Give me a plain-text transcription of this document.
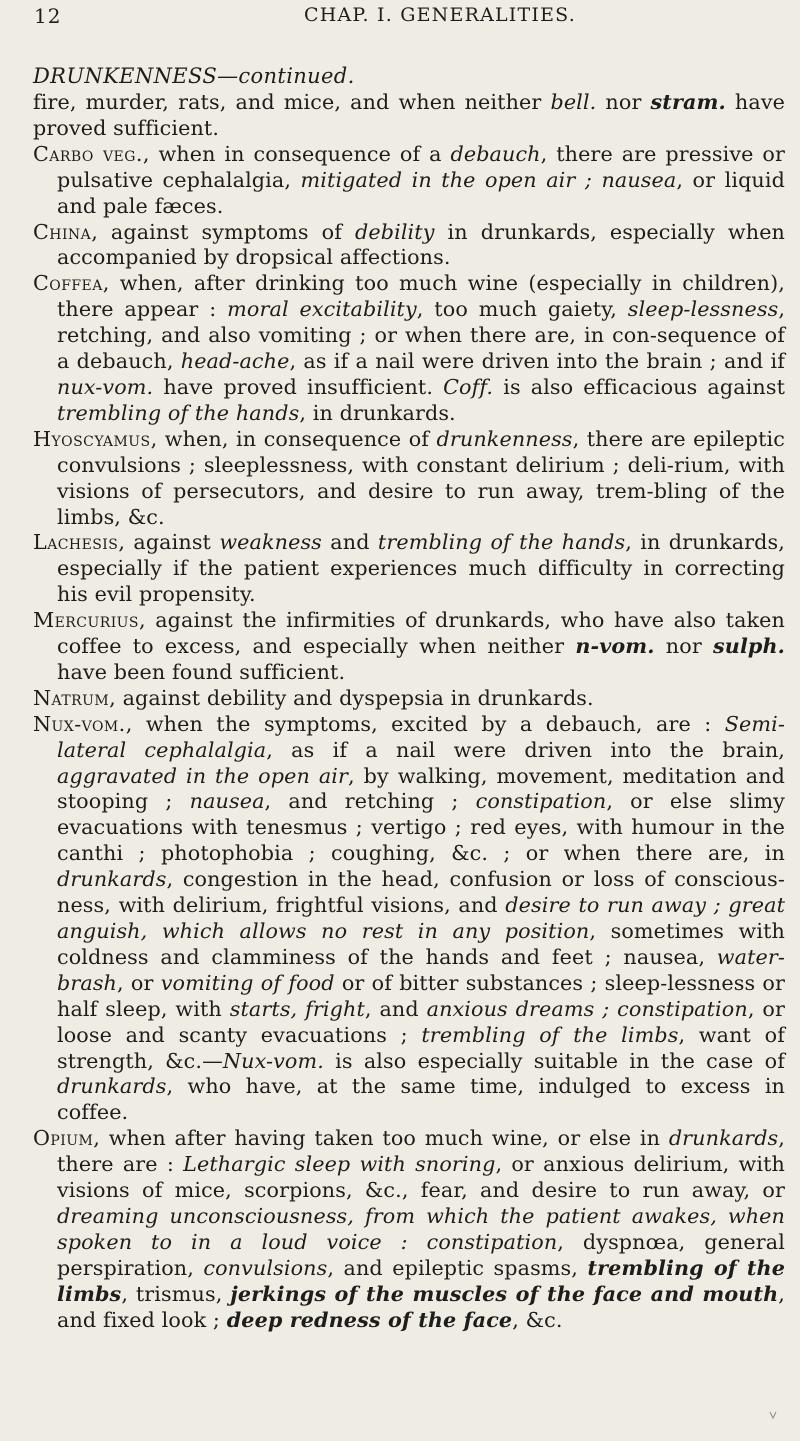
12	CHAP. I. GENERALITIES.
DRUNKENNESS—continued.

fire, murder, rats, and mice, and when neither bell. nor stram. have proved sufficient.

Carbo veg., when in consequence of a debauch, there are pressive or pulsative cephalalgia, mitigated in the open air ; nausea, or liquid and pale fæces.

China, against symptoms of debility in drunkards, especially when accompanied by dropsical affections.

Coffea, when, after drinking too much wine (especially in children), there appear : moral excitability, too much gaiety, sleep-lessness, retching, and also vomiting ; or when there are, in con-sequence of a debauch, head-ache, as if a nail were driven into the brain ; and if nux-vom. have proved insufficient. Coff. is also efficacious against trembling of the hands, in drunkards.

Hyoscyamus, when, in consequence of drunkenness, there are epileptic convulsions ; sleeplessness, with constant delirium ; deli-rium, with visions of persecutors, and desire to run away, trem-bling of the limbs, &c.

Lachesis, against weakness and trembling of the hands, in drunkards, especially if the patient experiences much difficulty in correcting his evil propensity.

Mercurius, against the infirmities of drunkards, who have also taken coffee to excess, and especially when neither n-vom. nor sulph. have been found sufficient.

Natrum, against debility and dyspepsia in drunkards.

Nux-vom., when the symptoms, excited by a debauch, are : Semi-lateral cephalalgia, as if a nail were driven into the brain, aggravated in the open air, by walking, movement, meditation and stooping ; nausea, and retching ; constipation, or else slimy evacuations with tenesmus ; vertigo ; red eyes, with humour in the canthi ; photophobia ; coughing, &c. ; or when there are, in drunkards, congestion in the head, confusion or loss of conscious-ness, with delirium, frightful visions, and desire to run away ; great anguish, which allows no rest in any position, sometimes with coldness and clamminess of the hands and feet ; nausea, water-brash, or vomiting of food or of bitter substances ; sleep-lessness or half sleep, with starts, fright, and anxious dreams ; constipation, or loose and scanty evacuations ; trembling of the limbs, want of strength, &c.—Nux-vom. is also especially suitable in the case of drunkards, who have, at the same time, indulged to excess in coffee.

Opium, when after having taken too much wine, or else in drunkards, there are : Lethargic sleep with snoring, or anxious delirium, with visions of mice, scorpions, &c., fear, and desire to run away, or dreaming unconsciousness, from which the patient awakes, when spoken to in a loud voice : constipation, dyspnœa, general perspiration, convulsions, and epileptic spasms, trembling of the limbs, trismus, jerkings of the muscles of the face and mouth, and fixed look ; deep redness of the face, &c.
